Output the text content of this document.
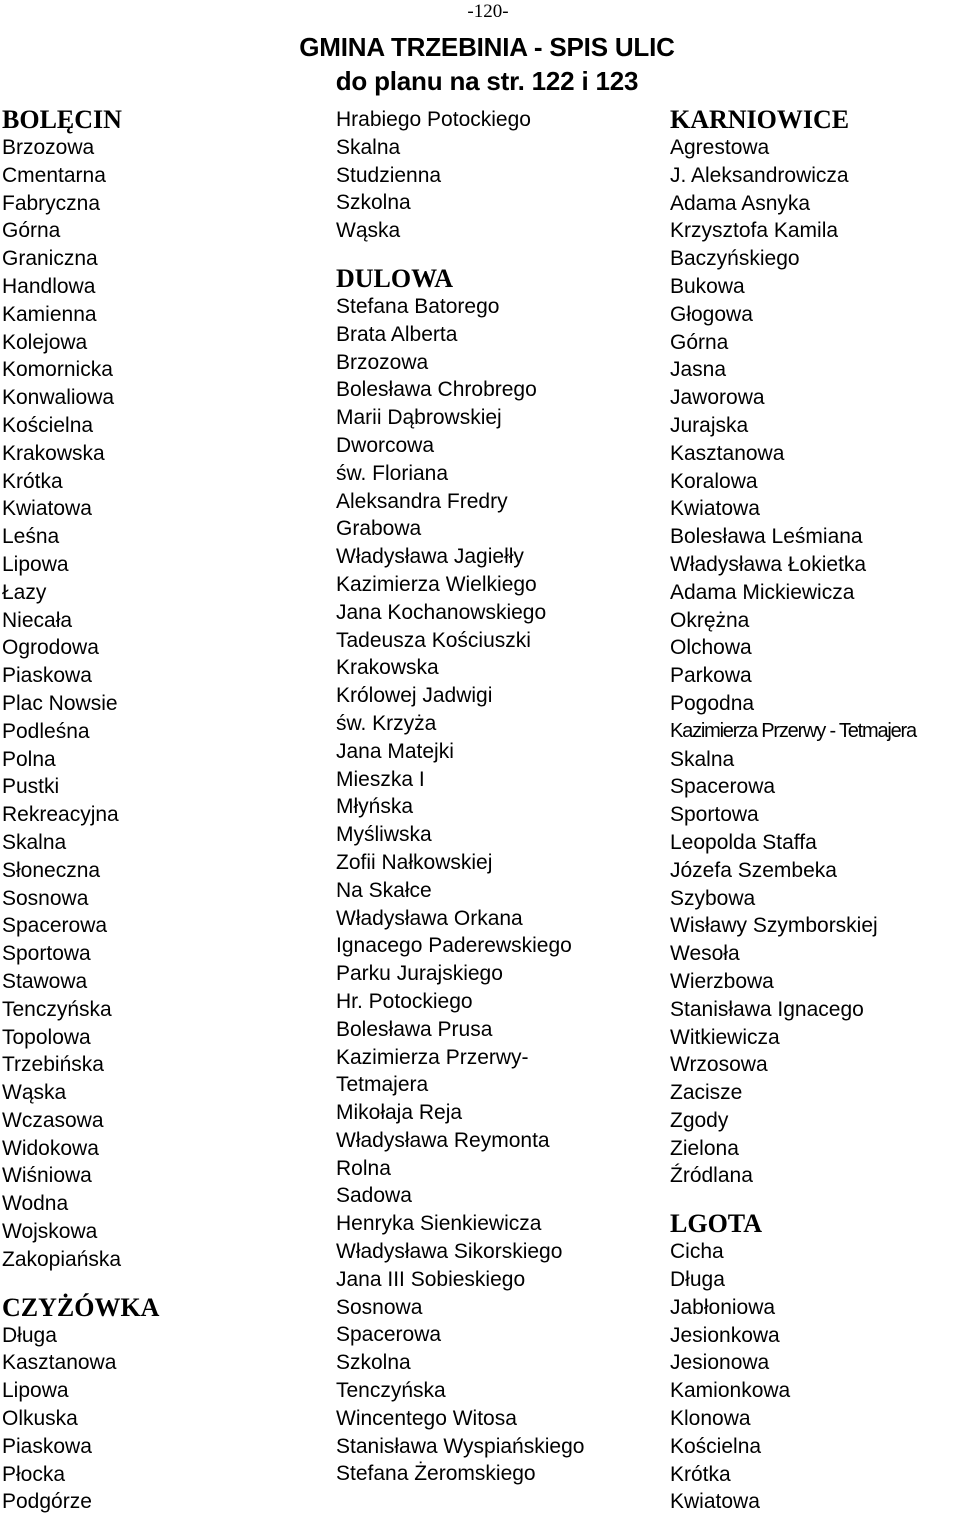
-120-
GMINA TRZEBINIA - SPIS ULIC
do planu na str. 122 i 123
BOLĘCIN
Brzozowa
Cmentarna
Fabryczna
Górna
Graniczna
Handlowa
Kamienna
Kolejowa
Komornicka
Konwaliowa
Kościelna
Krakowska
Krótka
Kwiatowa
Leśna
Lipowa
Łazy
Niecała
Ogrodowa
Piaskowa
Plac Nowsie
Podleśna
Polna
Pustki
Rekreacyjna
Skalna
Słoneczna
Sosnowa
Spacerowa
Sportowa
Stawowa
Tenczyńska
Topolowa
Trzebińska
Wąska
Wczasowa
Widokowa
Wiśniowa
Wodna
Wojskowa
Zakopiańska
CZYŻÓWKA
Długa
Kasztanowa
Lipowa
Olkuska
Piaskowa
Płocka
Podgórze
Hrabiego Potockiego
Skalna
Studzienna
Szkolna
Wąska
DULOWA
Stefana Batorego
Brata Alberta
Brzozowa
Bolesława Chrobrego
Marii Dąbrowskiej
Dworcowa
św. Floriana
Aleksandra Fredry
Grabowa
Władysława Jagiełły
Kazimierza Wielkiego
Jana Kochanowskiego
Tadeusza Kościuszki
Krakowska
Królowej Jadwigi
św. Krzyża
Jana Matejki
Mieszka I
Młyńska
Myśliwska
Zofii Nałkowskiej
Na Skałce
Władysława Orkana
Ignacego Paderewskiego
Parku Jurajskiego
Hr. Potockiego
Bolesława Prusa
Kazimierza Przerwy-
Tetmajera
Mikołaja Reja
Władysława Reymonta
Rolna
Sadowa
Henryka Sienkiewicza
Władysława Sikorskiego
Jana III Sobieskiego
Sosnowa
Spacerowa
Szkolna
Tenczyńska
Wincentego Witosa
Stanisława Wyspiańskiego
Stefana Żeromskiego
KARNIOWICE
Agrestowa
J. Aleksandrowicza
Adama Asnyka
Krzysztofa Kamila
Baczyńskiego
Bukowa
Głogowa
Górna
Jasna
Jaworowa
Jurajska
Kasztanowa
Koralowa
Kwiatowa
Bolesława Leśmiana
Władysława Łokietka
Adama Mickiewicza
Okrężna
Olchowa
Parkowa
Pogodna
Kazimierza Przerwy - Tetmajera
Skalna
Spacerowa
Sportowa
Leopolda Staffa
Józefa Szembeka
Szybowa
Wisławy Szymborskiej
Wesoła
Wierzbowa
Stanisława Ignacego
Witkiewicza
Wrzosowa
Zacisze
Zgody
Zielona
Źródlana
LGOTA
Cicha
Długa
Jabłoniowa
Jesionkowa
Jesionowa
Kamionkowa
Klonowa
Kościelna
Krótka
Kwiatowa
